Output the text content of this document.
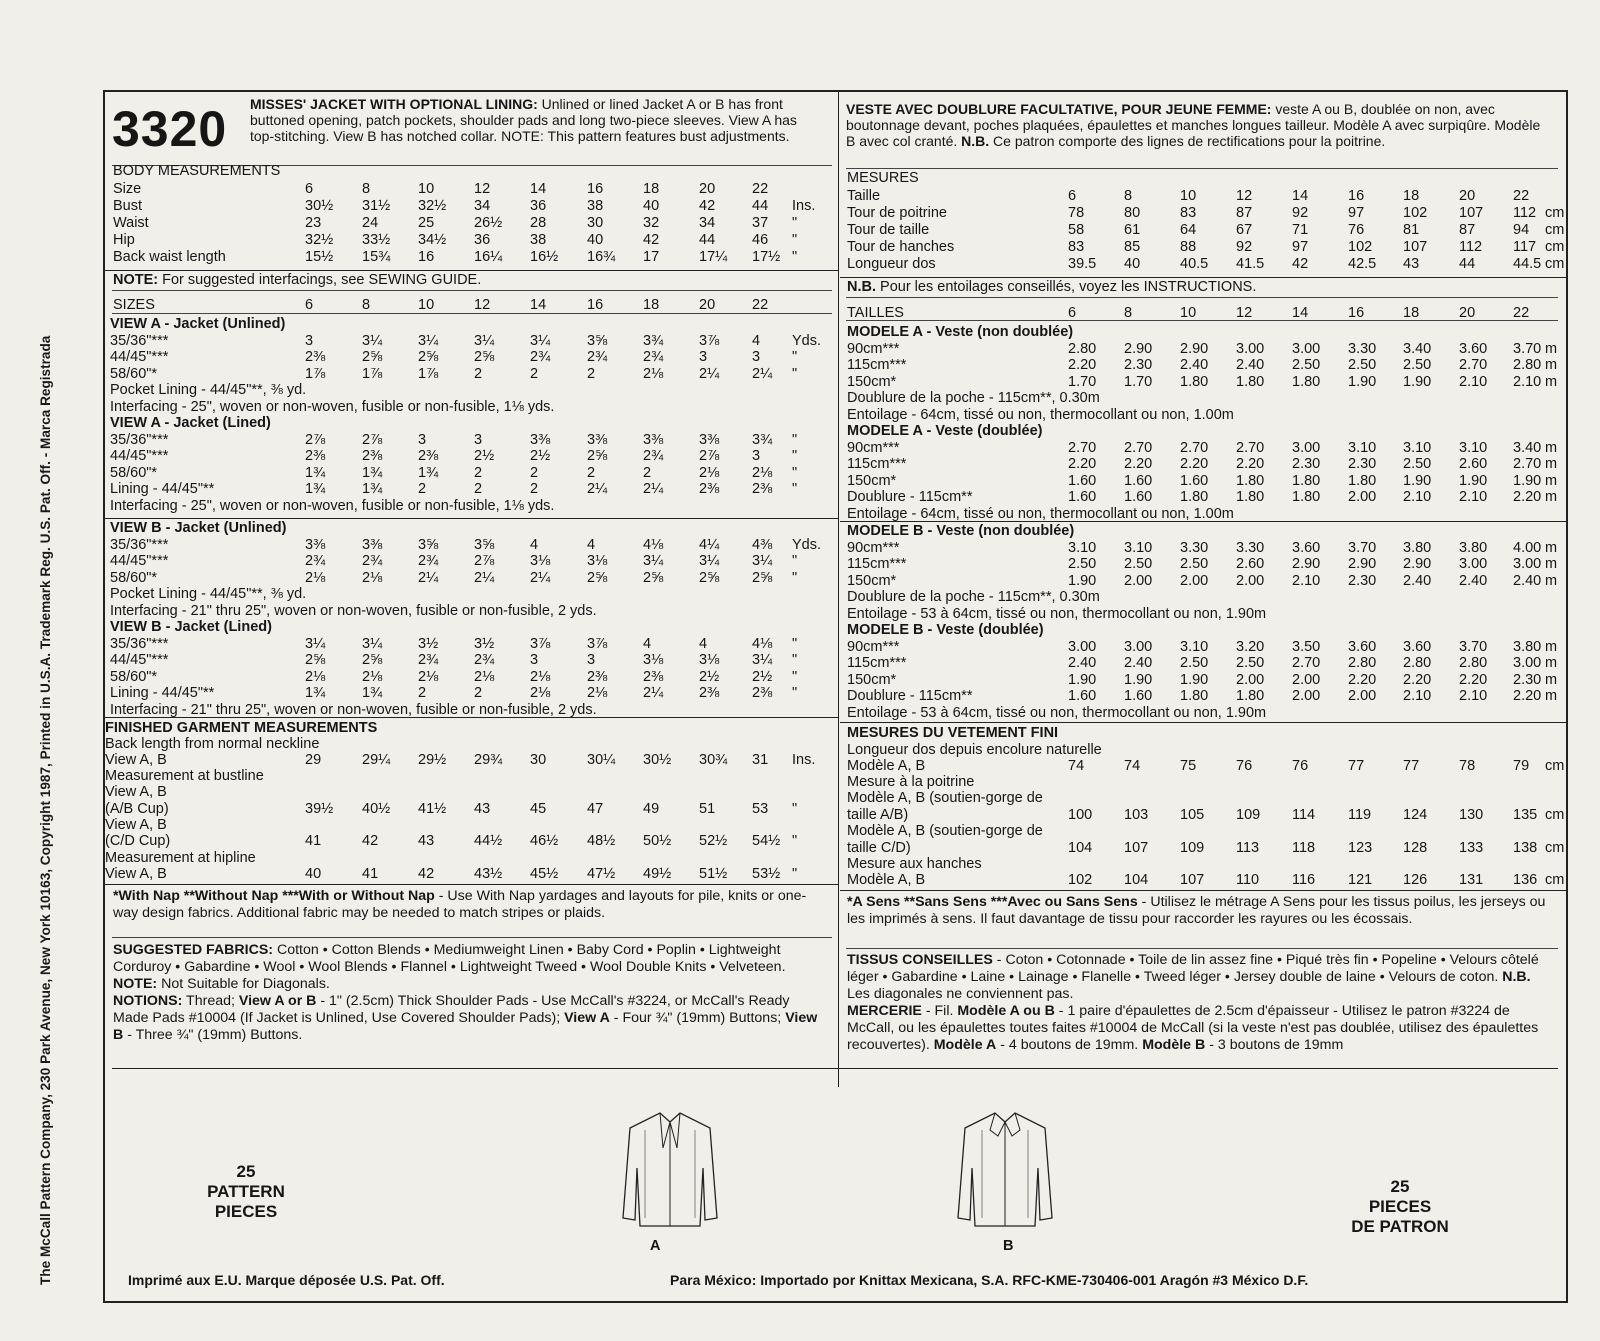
The McCall Pattern Company, 230 Park Avenue, New York 10163, Copyright 1987, Printed in U.S.A. Trademark Reg. U.S. Pat. Off. - Marca Registrada
3320 MISSES' JACKET WITH OPTIONAL LINING: Unlined or lined Jacket A or B has front buttoned opening, patch pockets, shoulder pads and long two-piece sleeves. View A has top-stitching. View B has notched collar. NOTE: This pattern features bust adjustments.
VESTE AVEC DOUBLURE FACULTATIVE, POUR JEUNE FEMME: veste A ou B, doublée on non, avec boutonnage devant, poches plaquées, épaulettes et manches longues tailleur. Modèle A avec surpiqûre. Modèle B avec col cranté. N.B. Ce patron comporte des lignes de rectifications pour la poitrine.
BODY MEASUREMENTS
Size	6	8	10	12	14	16	18	20	22
Bust	30½ 31½ 32½ 34	36	38	40	42	44 Ins.
Waist	23	24	25	26½ 28	30	32	34	37 "
Hip	32½ 33½ 34½ 36	38	40	42	44	46 "
Back waist length	15½ 15¾ 16	16¼ 16½ 16¾ 17	17¼ 17½ "
NOTE: For suggested interfacings, see SEWING GUIDE.
SIZES	6	8	10	12	14	16	18	20	22
VIEW A - Jacket (Unlined)
35/36"***	3	3¼ 3¼ 3¼ 3¼	3⅝ 3¾ 3⅞ 4 Yds.
44/45"***	2⅜	2⅝ 2⅝ 2⅝ 2¾	2¾ 2¾ 3	3 "
58/60"*	1⅞	1⅞ 1⅞ 2	2	2	2⅛ 2¼ 2¼ "
Pocket Lining - 44/45"**, ⅜ yd.
Interfacing - 25", woven or non-woven, fusible or non-fusible, 1⅛ yds.
VIEW A - Jacket (Lined)
35/36"***	2⅞	2⅞ 3	3	3⅜	3⅜ 3⅜ 3⅜ 3¾ "
44/45"***	2⅜	2⅜ 2⅜ 2½ 2½	2⅝ 2¾ 2⅞ 3 "
58/60"*	1¾	1¾ 1¾ 2	2	2	2	2⅛ 2⅛ "
Lining - 44/45"**	1¾	1¾ 2	2	2	2¼ 2¼ 2⅜ 2⅜ "
Interfacing - 25", woven or non-woven, fusible or non-fusible, 1⅛ yds.
VIEW B - Jacket (Unlined)
35/36"***	3⅜	3⅜ 3⅝ 3⅝ 4	4	4⅛ 4¼ 4⅜ Yds.
44/45"***	2¾	2¾ 2¾ 2⅞ 3⅛	3⅛ 3¼ 3¼ 3¼ "
58/60"*	2⅛	2⅛ 2¼ 2¼ 2¼	2⅝ 2⅝ 2⅝ 2⅝ "
Pocket Lining - 44/45"**, ⅜ yd.
Interfacing - 21" thru 25", woven or non-woven, fusible or non-fusible, 2 yds.
VIEW B - Jacket (Lined)
35/36"***	3¼	3¼ 3½ 3½ 3⅞	3⅞ 4	4	4⅛ "
44/45"***	2⅝	2⅝ 2¾ 2¾ 3	3	3⅛ 3⅛ 3¼ "
58/60"*	2⅛	2⅛ 2⅛ 2⅛ 2⅛	2⅜ 2⅜ 2½ 2½ "
Lining - 44/45"**	1¾	1¾ 2	2	2⅛	2⅛ 2¼ 2⅜ 2⅜ "
Interfacing - 21" thru 25", woven or non-woven, fusible or non-fusible, 2 yds.
FINISHED GARMENT MEASUREMENTS
Back length from normal neckline
View A, B	29	29¼ 29½ 29¾ 30	30¼ 30½ 30¾ 31 Ins.
Measurement at bustline
View A, B
(A/B Cup)	39½ 40½ 41½ 43	45	47	49	51	53 "
View A, B
(C/D Cup)	41	42	43	44½ 46½ 48½ 50½ 52½ 54½ "
Measurement at hipline
View A, B	40	41	42	43½ 45½ 47½ 49½ 51½ 53½ "
MESURES
Taille	6	8	10	12	14	16	18	20	22
Tour de poitrine	78	80	83	87	92	97	102 107 112 cm
Tour de taille	58	61	64	67	71	76	81	87	94 cm
Tour de hanches	83	85	88	92	97	102 107 112 117 cm
Longueur dos	39.5 40	40.5 41.5 42	42.5 43	44	44.5 cm
N.B. Pour les entoilages conseillés, voyez les INSTRUCTIONS.
TAILLES	6	8	10	12	14	16	18	20	22
MODELE A - Veste (non doublée)
90cm***	2.80 2.90 2.90 3.00 3.00 3.30 3.40 3.60 3.70 m
115cm***	2.20 2.30 2.40 2.40 2.50 2.50 2.50 2.70 2.80 m
150cm*	1.70 1.70 1.80 1.80 1.80 1.90 1.90 2.10 2.10 m
Doublure de la poche - 115cm**, 0.30m
Entoilage - 64cm, tissé ou non, thermocollant ou non, 1.00m
MODELE A - Veste (doublée)
90cm***	2.70 2.70 2.70 2.70 3.00 3.10 3.10 3.10 3.40 m
115cm***	2.20 2.20 2.20 2.20 2.30 2.30 2.50 2.60 2.70 m
150cm*	1.60 1.60 1.60 1.80 1.80 1.80 1.90 1.90 1.90 m
Doublure - 115cm**	1.60 1.60 1.80 1.80 1.80 2.00 2.10 2.10 2.20 m
Entoilage - 64cm, tissé ou non, thermocollant ou non, 1.00m
MODELE B - Veste (non doublée)
90cm***	3.10 3.10 3.30 3.30 3.60 3.70 3.80 3.80 4.00 m
115cm***	2.50 2.50 2.50 2.60 2.90 2.90 2.90 3.00 3.00 m
150cm*	1.90 2.00 2.00 2.00 2.10 2.30 2.40 2.40 2.40 m
Doublure de la poche - 115cm**, 0.30m
Entoilage - 53 à 64cm, tissé ou non, thermocollant ou non, 1.90m
MODELE B - Veste (doublée)
90cm***	3.00 3.00 3.10 3.20 3.50 3.60 3.60 3.70 3.80 m
115cm***	2.40 2.40 2.50 2.50 2.70 2.80 2.80 2.80 3.00 m
150cm*	1.90 1.90 1.90 2.00 2.00 2.20 2.20 2.20 2.30 m
Doublure - 115cm**	1.60 1.60 1.80 1.80 2.00 2.00 2.10 2.10 2.20 m
Entoilage - 53 à 64cm, tissé ou non, thermocollant ou non, 1.90m
MESURES DU VETEMENT FINI
Longueur dos depuis encolure naturelle
Modèle A, B	74	74	75	76	76	77	77	78	79 cm
Mesure à la poitrine
Modèle A, B (soutien-gorge de
taille A/B)	100 103 105 109 114 119 124 130 135 cm
Modèle A, B (soutien-gorge de
taille C/D)	104 107 109 113 118 123 128 133 138 cm
Mesure aux hanches
Modèle A, B	102 104 107 110 116 121 126 131 136 cm
*With Nap **Without Nap ***With or Without Nap - Use With Nap yardages and layouts for pile, knits or one-way design fabrics. Additional fabric may be needed to match stripes or plaids.
*A Sens **Sans Sens ***Avec ou Sans Sens - Utilisez le métrage A Sens pour les tissus poilus, les jerseys ou les imprimés à sens. Il faut davantage de tissu pour raccorder les rayures ou les écossais.
SUGGESTED FABRICS: Cotton • Cotton Blends • Mediumweight Linen • Baby Cord • Poplin • Lightweight Corduroy • Gabardine • Wool • Wool Blends • Flannel • Lightweight Tweed • Wool Double Knits • Velveteen. NOTE: Not Suitable for Diagonals.
NOTIONS: Thread; View A or B - 1" (2.5cm) Thick Shoulder Pads - Use McCall's #3224, or McCall's Ready Made Pads #10004 (If Jacket is Unlined, Use Covered Shoulder Pads); View A - Four ¾" (19mm) Buttons; View B - Three ¾" (19mm) Buttons.
TISSUS CONSEILLES - Coton • Cotonnade • Toile de lin assez fine • Piqué très fin • Popeline • Velours côtelé léger • Gabardine • Laine • Lainage • Flanelle • Tweed léger • Jersey double de laine • Velours de coton. N.B. Les diagonales ne conviennent pas.
MERCERIE - Fil. Modèle A ou B - 1 paire d'épaulettes de 2.5cm d'épaisseur - Utilisez le patron #3224 de McCall, ou les épaulettes toutes faites #10004 de McCall (si la veste n'est pas doublée, utilisez des épaulettes recouvertes). Modèle A - 4 boutons de 19mm. Modèle B - 3 boutons de 19mm
25
PATTERN
PIECES
25
PIECES
DE PATRON
A	B
Imprimé aux E.U. Marque déposée U.S. Pat. Off.	Para México: Importado por Knittax Mexicana, S.A. RFC-KME-730406-001 Aragón #3 México D.F.
